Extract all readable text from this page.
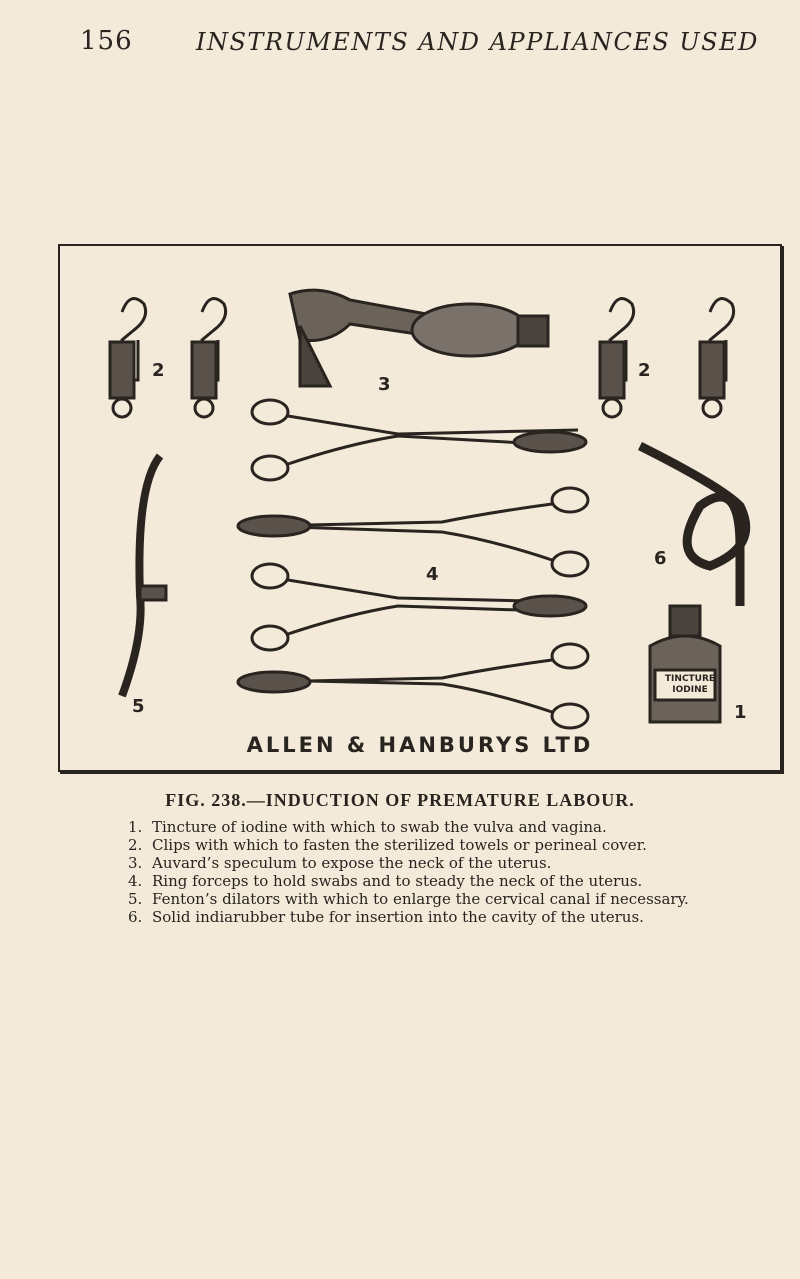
156	INSTRUMENTS AND APPLIANCES USED
2	2
3
4
5
6
1
TINCTURE
IODINE
ALLEN & HANBURYS LTD
FIG. 238.—INDUCTION OF PREMATURE LABOUR.
1. Tincture of iodine with which to swab the vulva and vagina.
2. Clips with which to fasten the sterilized towels or perineal cover.
3. Auvard’s speculum to expose the neck of the uterus.
4. Ring forceps to hold swabs and to steady the neck of the uterus.
5. Fenton’s dilators with which to enlarge the cervical canal if necessary.
6. Solid indiarubber tube for insertion into the cavity of the uterus.
